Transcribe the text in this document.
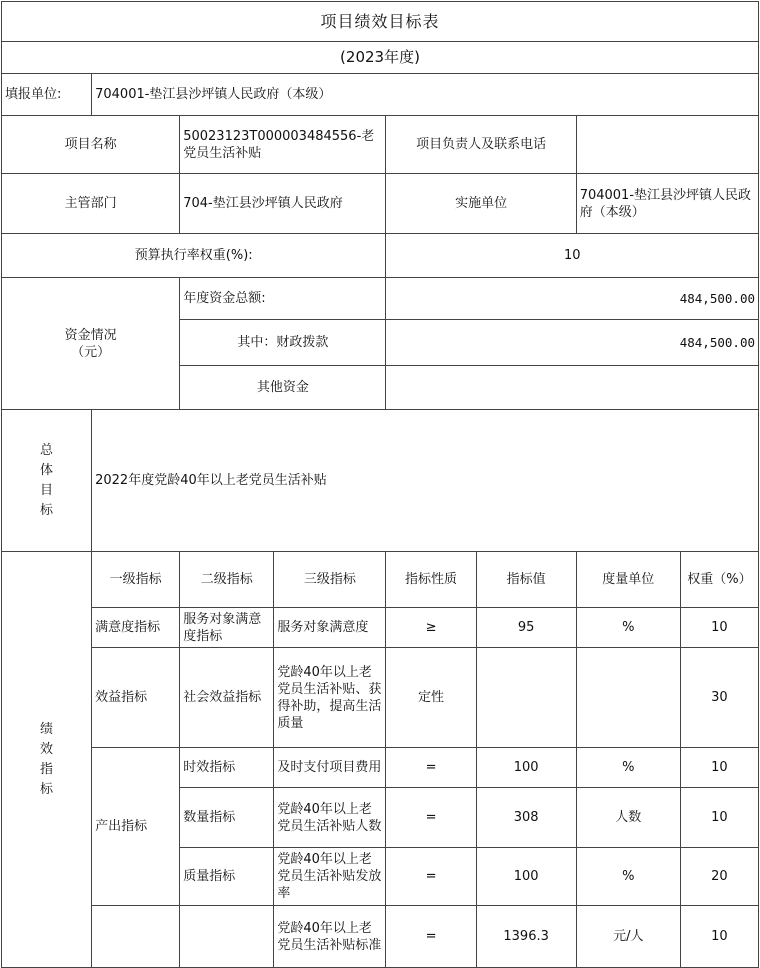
项目绩效目标表							
(2023年度)							
填报单位:	704001-垫江县沙坪镇人民政府（本级）						
项目名称		50023123T000003484556-老党员生活补贴		项目负责人及联系电话			
主管部门		704-垫江县沙坪镇人民政府		实施单位		704001-垫江县沙坪镇人民政府（本级）	
预算执行率权重(%):				10			

资金情况
（元）		年度资金总额:		484,500.00			
		其中：财政拨款		484,500.00			
		其他资金					

总
体
目
标	2022年度党龄40年以上老党员生活补贴						

绩
效
指
标	一级指标	二级指标	三级指标	指标性质	指标值	度量单位	权重（%）
	满意度指标	服务对象满意度指标	服务对象满意度	≥	95	%	10
	效益指标	社会效益指标	党龄40年以上老党员生活补贴、获得补助，提高生活质量	定性			30
	产出指标	时效指标	及时支付项目费用	=	100	%	10
		数量指标	党龄40年以上老党员生活补贴人数	=	308	人数	10
		质量指标	党龄40年以上老党员生活补贴发放率	=	100	%	20
			党龄40年以上老党员生活补贴标准	=	1396.3	元/人	10
